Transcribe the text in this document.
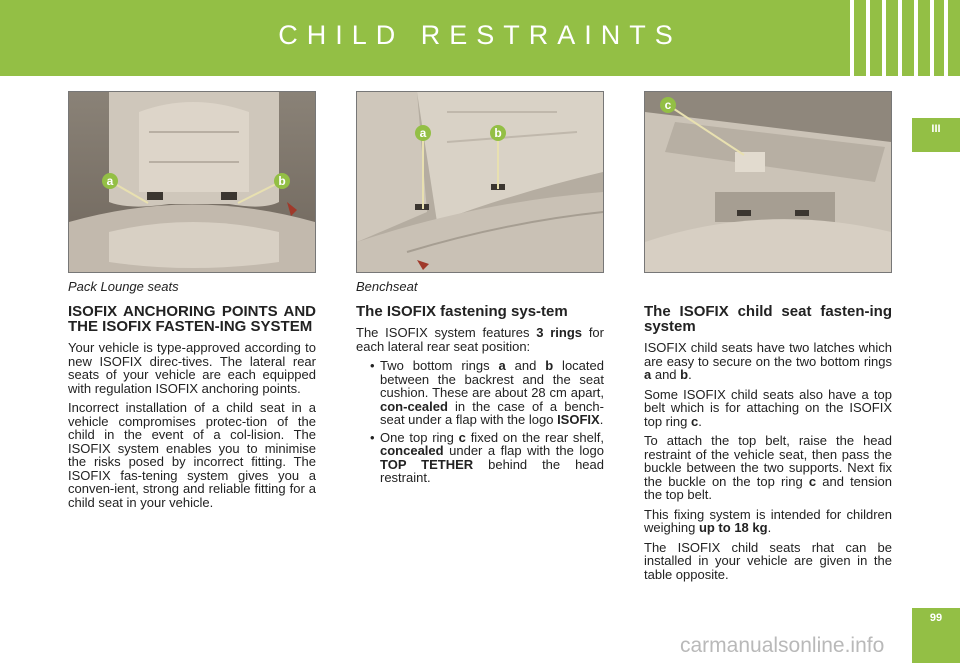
CHILD RESTRAINTS
III
a	b
Pack Lounge seats
a	b
Benchseat
c
ISOFIX ANCHORING POINTS AND THE ISOFIX FASTEN-ING SYSTEM

Your vehicle is type-approved according to new ISOFIX direc-tives. The lateral rear seats of your vehicle are each equipped with regulation ISOFIX anchoring points.

Incorrect installation of a child seat in a vehicle compromises protec-tion of the child in the event of a col-lision. The ISOFIX system enables you to minimise the risks posed by incorrect fitting. The ISOFIX fas-tening system gives you a conven-ient, strong and reliable fitting for a child seat in your vehicle.

The ISOFIX fastening sys-tem

The ISOFIX system features 3 rings for each lateral rear seat position:

• Two bottom rings a and b located between the backrest and the seat cushion. These are about 28 cm apart, con-cealed in the case of a bench-seat under a flap with the logo ISOFIX.
• One top ring c fixed on the rear shelf, concealed under a flap with the logo TOP TETHER behind the head restraint.
The ISOFIX child seat fasten-ing system

ISOFIX child seats have two latches which are easy to secure on the two bottom rings a and b.

Some ISOFIX child seats also have a top belt which is for attaching on the ISOFIX top ring c.

To attach the top belt, raise the head restraint of the vehicle seat, then pass the buckle between the two supports. Next fix the buckle on the top ring c and tension the top belt.

This fixing system is intended for children weighing up to 18 kg.

The ISOFIX child seats rhat can be installed in your vehicle are given in the table opposite.

99
carmanualsonline.info
